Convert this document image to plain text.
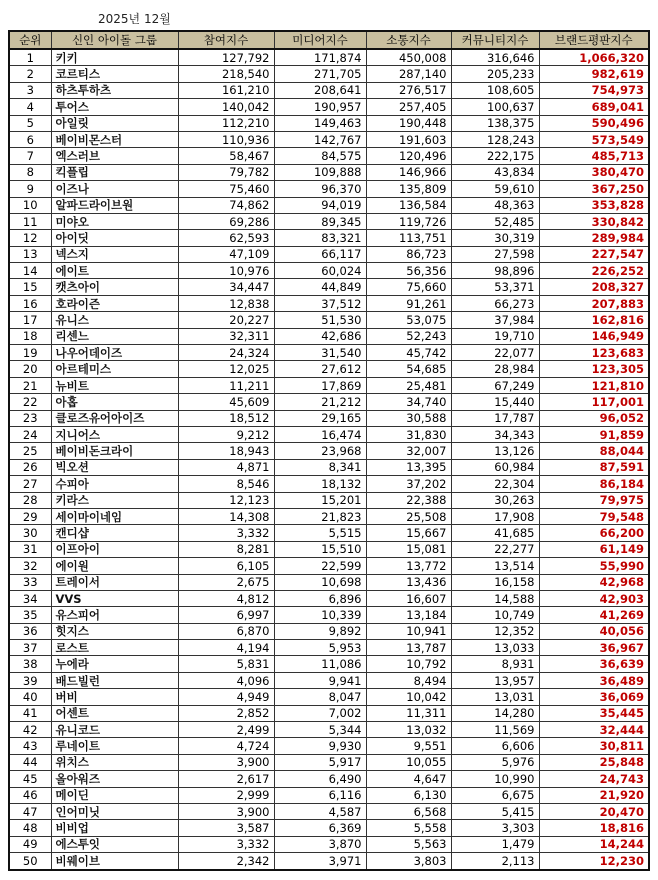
2025년 12월
순위	신인 아이돌 그룹	참여지수	미디어지수	소통지수	커뮤니티지수	브랜드평판지수
1	키키	127,792	171,874	450,008	316,646	1,066,320
2	코르티스	218,540	271,705	287,140	205,233	982,619
3	하츠투하츠	161,210	208,641	276,517	108,605	754,973
4	투어스	140,042	190,957	257,405	100,637	689,041
5	아일릿	112,210	149,463	190,448	138,375	590,496
6	베이비몬스터	110,936	142,767	191,603	128,243	573,549
7	엑스러브	58,467	84,575	120,496	222,175	485,713
8	킥플립	79,782	109,888	146,966	43,834	380,470
9	이즈나	75,460	96,370	135,809	59,610	367,250
10	알파드라이브원	74,862	94,019	136,584	48,363	353,828
11	미야오	69,286	89,345	119,726	52,485	330,842
12	아이딧	62,593	83,321	113,751	30,319	289,984
13	넥스지	47,109	66,117	86,723	27,598	227,547
14	에이트	10,976	60,024	56,356	98,896	226,252
15	캣츠아이	34,447	44,849	75,660	53,371	208,327
16	호라이즌	12,838	37,512	91,261	66,273	207,883
17	유니스	20,227	51,530	53,075	37,984	162,816
18	리센느	32,311	42,686	52,243	19,710	146,949
19	나우어데이즈	24,324	31,540	45,742	22,077	123,683
20	아르테미스	12,025	27,612	54,685	28,984	123,305
21	뉴비트	11,211	17,869	25,481	67,249	121,810
22	아홉	45,609	21,212	34,740	15,440	117,001
23	클로즈유어아이즈	18,512	29,165	30,588	17,787	96,052
24	지니어스	9,212	16,474	31,830	34,343	91,859
25	베이비돈크라이	18,943	23,968	32,007	13,126	88,044
26	빅오션	4,871	8,341	13,395	60,984	87,591
27	수피아	8,546	18,132	37,202	22,304	86,184
28	키라스	12,123	15,201	22,388	30,263	79,975
29	세이마이네임	14,308	21,823	25,508	17,908	79,548
30	캔디샵	3,332	5,515	15,667	41,685	66,200
31	이프아이	8,281	15,510	15,081	22,277	61,149
32	에이원	6,105	22,599	13,772	13,514	55,990
33	트레이서	2,675	10,698	13,436	16,158	42,968
34	VVS	4,812	6,896	16,607	14,588	42,903
35	유스피어	6,997	10,339	13,184	10,749	41,269
36	힛지스	6,870	9,892	10,941	12,352	40,056
37	로스트	4,194	5,953	13,787	13,033	36,967
38	누에라	5,831	11,086	10,792	8,931	36,639
39	배드빌런	4,096	9,941	8,494	13,957	36,489
40	버비	4,949	8,047	10,042	13,031	36,069
41	어센트	2,852	7,002	11,311	14,280	35,445
42	유니코드	2,499	5,344	13,032	11,569	32,444
43	루네이트	4,724	9,930	9,551	6,606	30,811
44	위치스	3,900	5,917	10,055	5,976	25,848
45	올아워즈	2,617	6,490	4,647	10,990	24,743
46	메이딘	2,999	6,116	6,130	6,675	21,920
47	인어미닛	3,900	4,587	6,568	5,415	20,470
48	비비업	3,587	6,369	5,558	3,303	18,816
49	에스투잇	3,332	3,870	5,563	1,479	14,244
50	비웨이브	2,342	3,971	3,803	2,113	12,230
